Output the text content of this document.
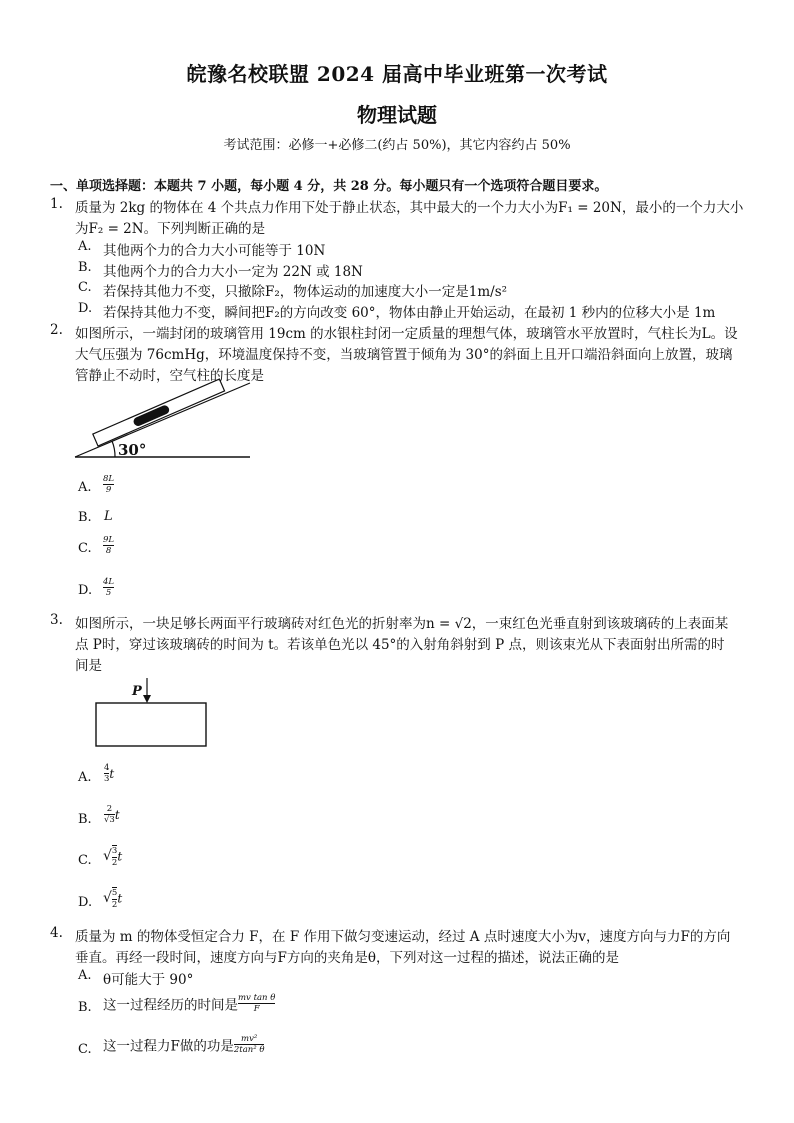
皖豫名校联盟 2024 届高中毕业班第一次考试
物理试题
考试范围：必修一+必修二(约占 50%)，其它内容约占 50%
一、单项选择题：本题共 7 小题，每小题 4 分，共 28 分。每小题只有一个选项符合题目要求。
1. 质量为 2kg 的物体在 4 个共点力作用下处于静止状态，其中最大的一个力大小为F₁ = 20N，最小的一个力大小
为F₂ = 2N。下列判断正确的是
A. 其他两个力的合力大小可能等于 10N
B. 其他两个力的合力大小一定为 22N 或 18N
C. 若保持其他力不变，只撤除F₂，物体运动的加速度大小一定是1m/s²
D. 若保持其他力不变，瞬间把F₂的方向改变 60°，物体由静止开始运动，在最初 1 秒内的位移大小是 1m
2. 如图所示，一端封闭的玻璃管用 19cm 的水银柱封闭一定质量的理想气体，玻璃管水平放置时，气柱长为L。设
大气压强为 76cmHg，环境温度保持不变，当玻璃管置于倾角为 30°的斜面上且开口端沿斜面向上放置，玻璃
管静止不动时，空气柱的长度是
30°
A. $\frac{8L}{9}$
B. L
C. $\frac{9L}{8}$
D. $\frac{4L}{5}$
3. 如图所示，一块足够长两面平行玻璃砖对红色光的折射率为n = √2，一束红色光垂直射到该玻璃砖的上表面某
点 P时，穿过该玻璃砖的时间为 t。若该单色光以 45°的入射角斜射到 P 点，则该束光从下表面射出所需的时
间是
P
A. $\frac{4}{3}$ t
B. $\frac{2}{√3}$ t
C. √ $\frac{3}{2}$ t
D. √ $\frac{5}{2}$ t
4. 质量为 m 的物体受恒定合力 F，在 F 作用下做匀变速运动，经过 A 点时速度大小为v，速度方向与力F的方向
垂直。再经一段时间，速度方向与F方向的夹角是θ，下列对这一过程的描述，说法正确的是
A. θ可能大于 90°
B. 这一过程经历的时间是 $\frac{\text{mv tan θ}}{F}$
C. 这一过程力F做的功是 $\frac{\text{mv²}}{\text{2tan² θ}}$
